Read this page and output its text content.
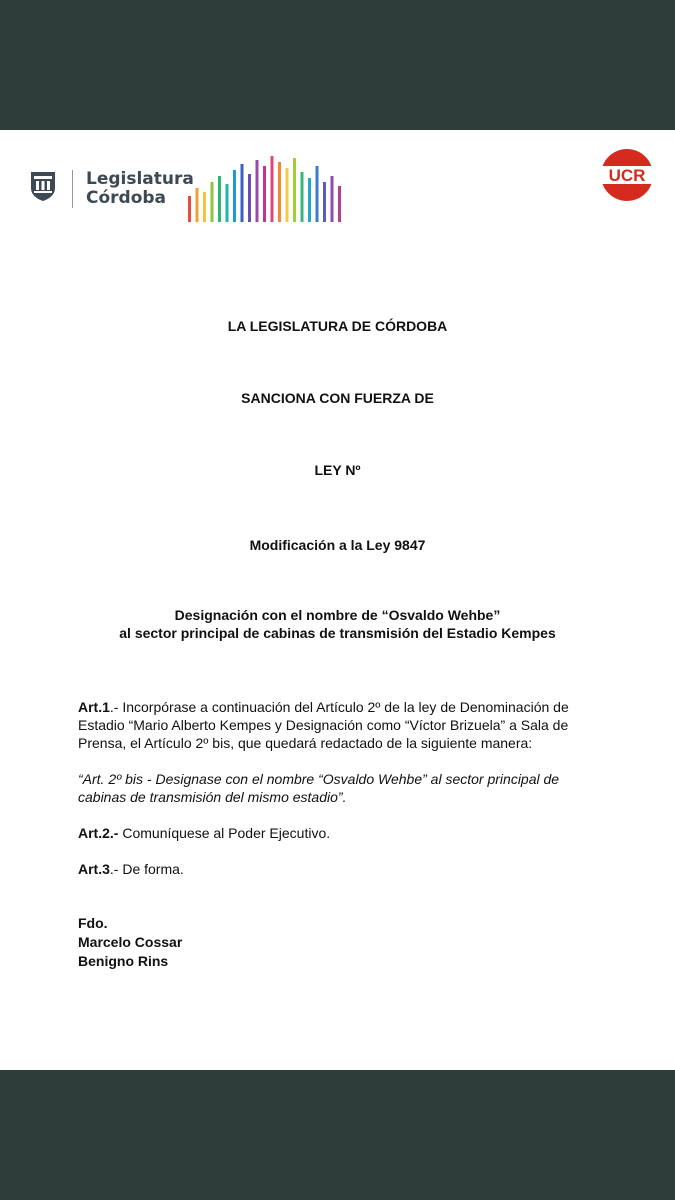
Legislatura
Córdoba
UCR

LA LEGISLATURA DE CÓRDOBA

SANCIONA CON FUERZA DE

LEY Nº

Modificación a la Ley 9847

Designación con el nombre de “Osvaldo Wehbe”

al sector principal de cabinas de transmisión del Estadio Kempes

Art.1.- Incorpórase a continuación del Artículo 2º de la ley de Denominación de
Estadio “Mario Alberto Kempes y Designación como “Víctor Brizuela” a Sala de
Prensa, el Artículo 2º bis, que quedará redactado de la siguiente manera:

“Art. 2º bis - Designase con el nombre “Osvaldo Wehbe” al sector principal de
cabinas de transmisión del mismo estadio”.

Art.2.- Comuníquese al Poder Ejecutivo.

Art.3.- De forma.

Fdo.
Marcelo Cossar
Benigno Rins
